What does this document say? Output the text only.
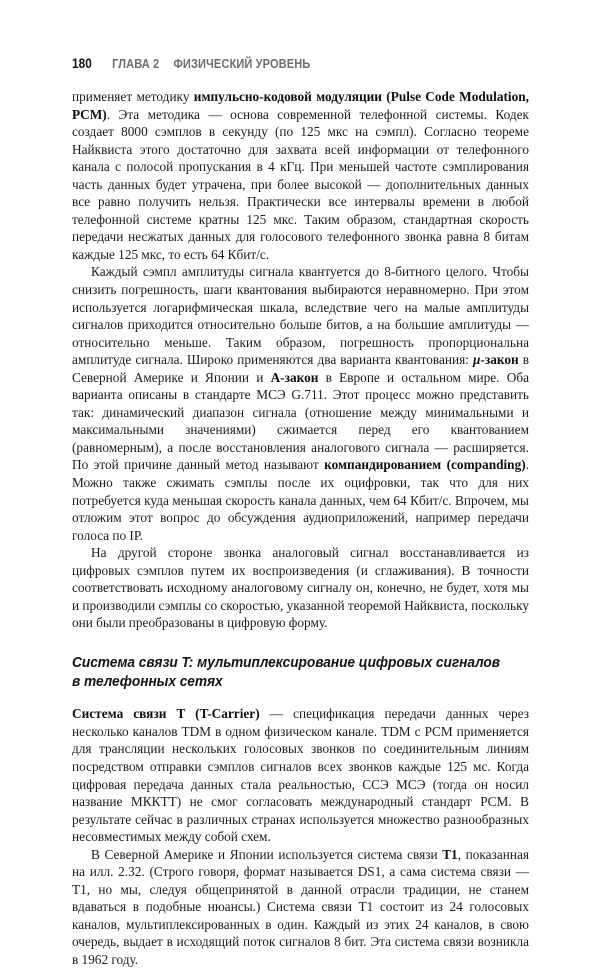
180 ГЛАВА 2 ФИЗИЧЕСКИЙ УРОВЕНЬ

применяет методику импульсно-кодовой модуляции (Pulse Code Modulation, PCM). Эта методика — основа современной телефонной системы. Кодек создает 8000 сэмплов в секунду (по 125 мкс на сэмпл). Согласно теореме Найквиста этого достаточно для захвата всей информации от телефонного канала с полосой пропускания в 4 кГц. При меньшей частоте сэмплирования часть данных будет утрачена, при более высокой — дополнительных данных все равно получить нельзя. Практически все интервалы времени в любой телефонной системе кратны 125 мкс. Таким образом, стандартная скорость передачи несжатых данных для голосового телефонного звонка равна 8 битам каждые 125 мкс, то есть 64 Кбит/с.

Каждый сэмпл амплитуды сигнала квантуется до 8-битного целого. Чтобы снизить погрешность, шаги квантования выбираются неравномерно. При этом используется логарифмическая шкала, вследствие чего на малые амплитуды сигналов приходится относительно больше битов, а на большие амплитуды — относительно меньше. Таким образом, погрешность пропорциональна амплитуде сигнала. Широко применяются два варианта квантования: μ-закон в Северной Америке и Японии и А-закон в Европе и остальном мире. Оба варианта описаны в стандарте МСЭ G.711. Этот процесс можно представить так: динамический диапазон сигнала (отношение между минимальными и максимальными значениями) сжимается перед его квантованием (равномерным), а после восстановления аналогового сигнала — расширяется. По этой причине данный метод называют компандированием (companding). Можно также сжимать сэмплы после их оцифровки, так что для них потребуется куда меньшая скорость канала данных, чем 64 Кбит/с. Впрочем, мы отложим этот вопрос до обсуждения аудиоприложений, например передачи голоса по IP.

На другой стороне звонка аналоговый сигнал восстанавливается из цифровых сэмплов путем их воспроизведения (и сглаживания). В точности соответствовать исходному аналоговому сигналу он, конечно, не будет, хотя мы и производили сэмплы со скоростью, указанной теоремой Найквиста, поскольку они были преобразованы в цифровую форму.

Система связи T: мультиплексирование цифровых сигналов
в телефонных сетях

Система связи T (T-Carrier) — спецификация передачи данных через несколько каналов TDM в одном физическом канале. TDM с PCM применяется для трансляции нескольких голосовых звонков по соединительным линиям посредством отправки сэмплов сигналов всех звонков каждые 125 мс. Когда цифровая передача данных стала реальностью, ССЭ МСЭ (тогда он носил название МККТТ) не смог согласовать международный стандарт PCM. В результате сейчас в различных странах используется множество разнообразных несовместимых между собой схем.

В Северной Америке и Японии используется система связи T1, показанная на илл. 2.32. (Строго говоря, формат называется DS1, а сама система связи — T1, но мы, следуя общепринятой в данной отрасли традиции, не станем вдаваться в подобные нюансы.) Система связи T1 состоит из 24 голосовых каналов, мультиплексированных в один. Каждый из этих 24 каналов, в свою очередь, выдает в исходящий поток сигналов 8 бит. Эта система связи возникла в 1962 году.
